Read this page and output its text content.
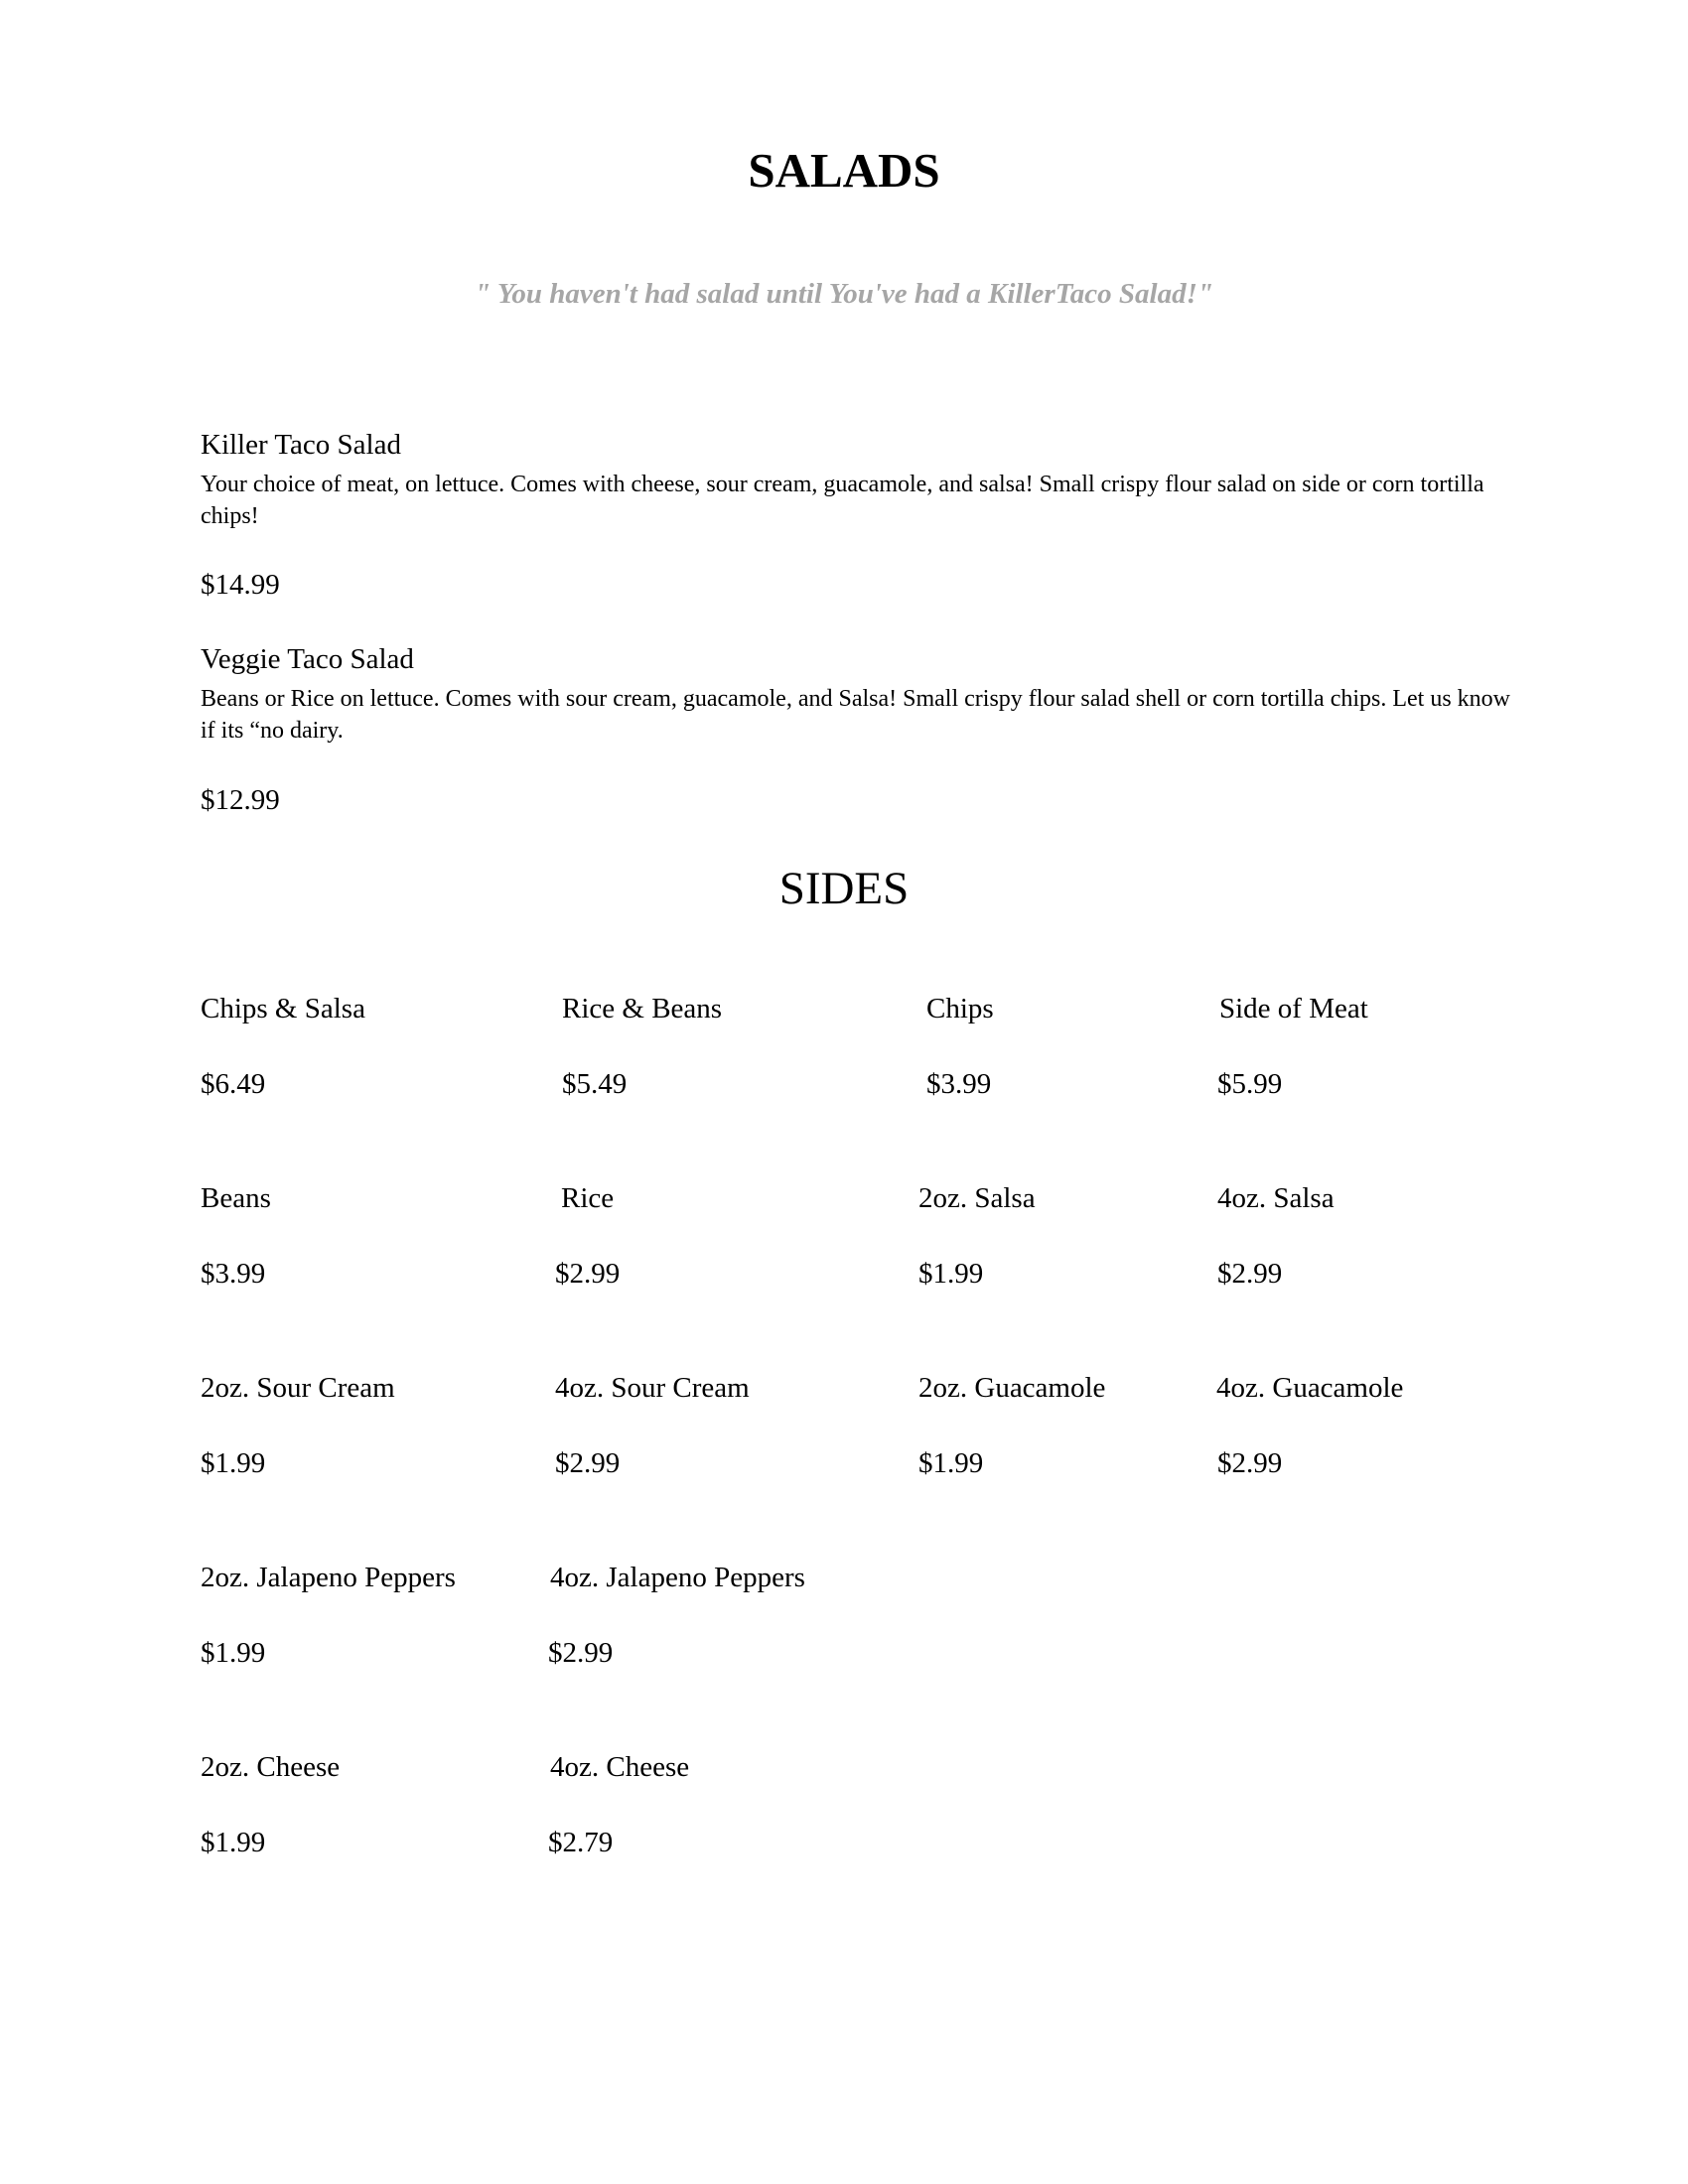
SALADS
" You haven't had salad until You've had a KillerTaco Salad!"
Killer Taco Salad
Your choice of meat, on lettuce. Comes with cheese, sour cream, guacamole, and salsa! Small crispy flour salad on side or corn tortilla chips!
$14.99
Veggie Taco Salad
Beans or Rice on lettuce. Comes with sour cream, guacamole, and Salsa! Small crispy flour salad shell or corn tortilla chips. Let us know if its “no dairy.
$12.99
SIDES
Chips & Salsa
$6.49
Rice & Beans
$5.49
Chips
$3.99
Side of Meat
$5.99
Beans
$3.99
Rice
$2.99
2oz. Salsa
$1.99
4oz. Salsa
$2.99
2oz. Sour Cream
$1.99
4oz. Sour Cream
$2.99
2oz. Guacamole
$1.99
4oz. Guacamole
$2.99
2oz. Jalapeno Peppers
$1.99
4oz. Jalapeno Peppers
$2.99
2oz. Cheese
$1.99
4oz. Cheese
$2.79
